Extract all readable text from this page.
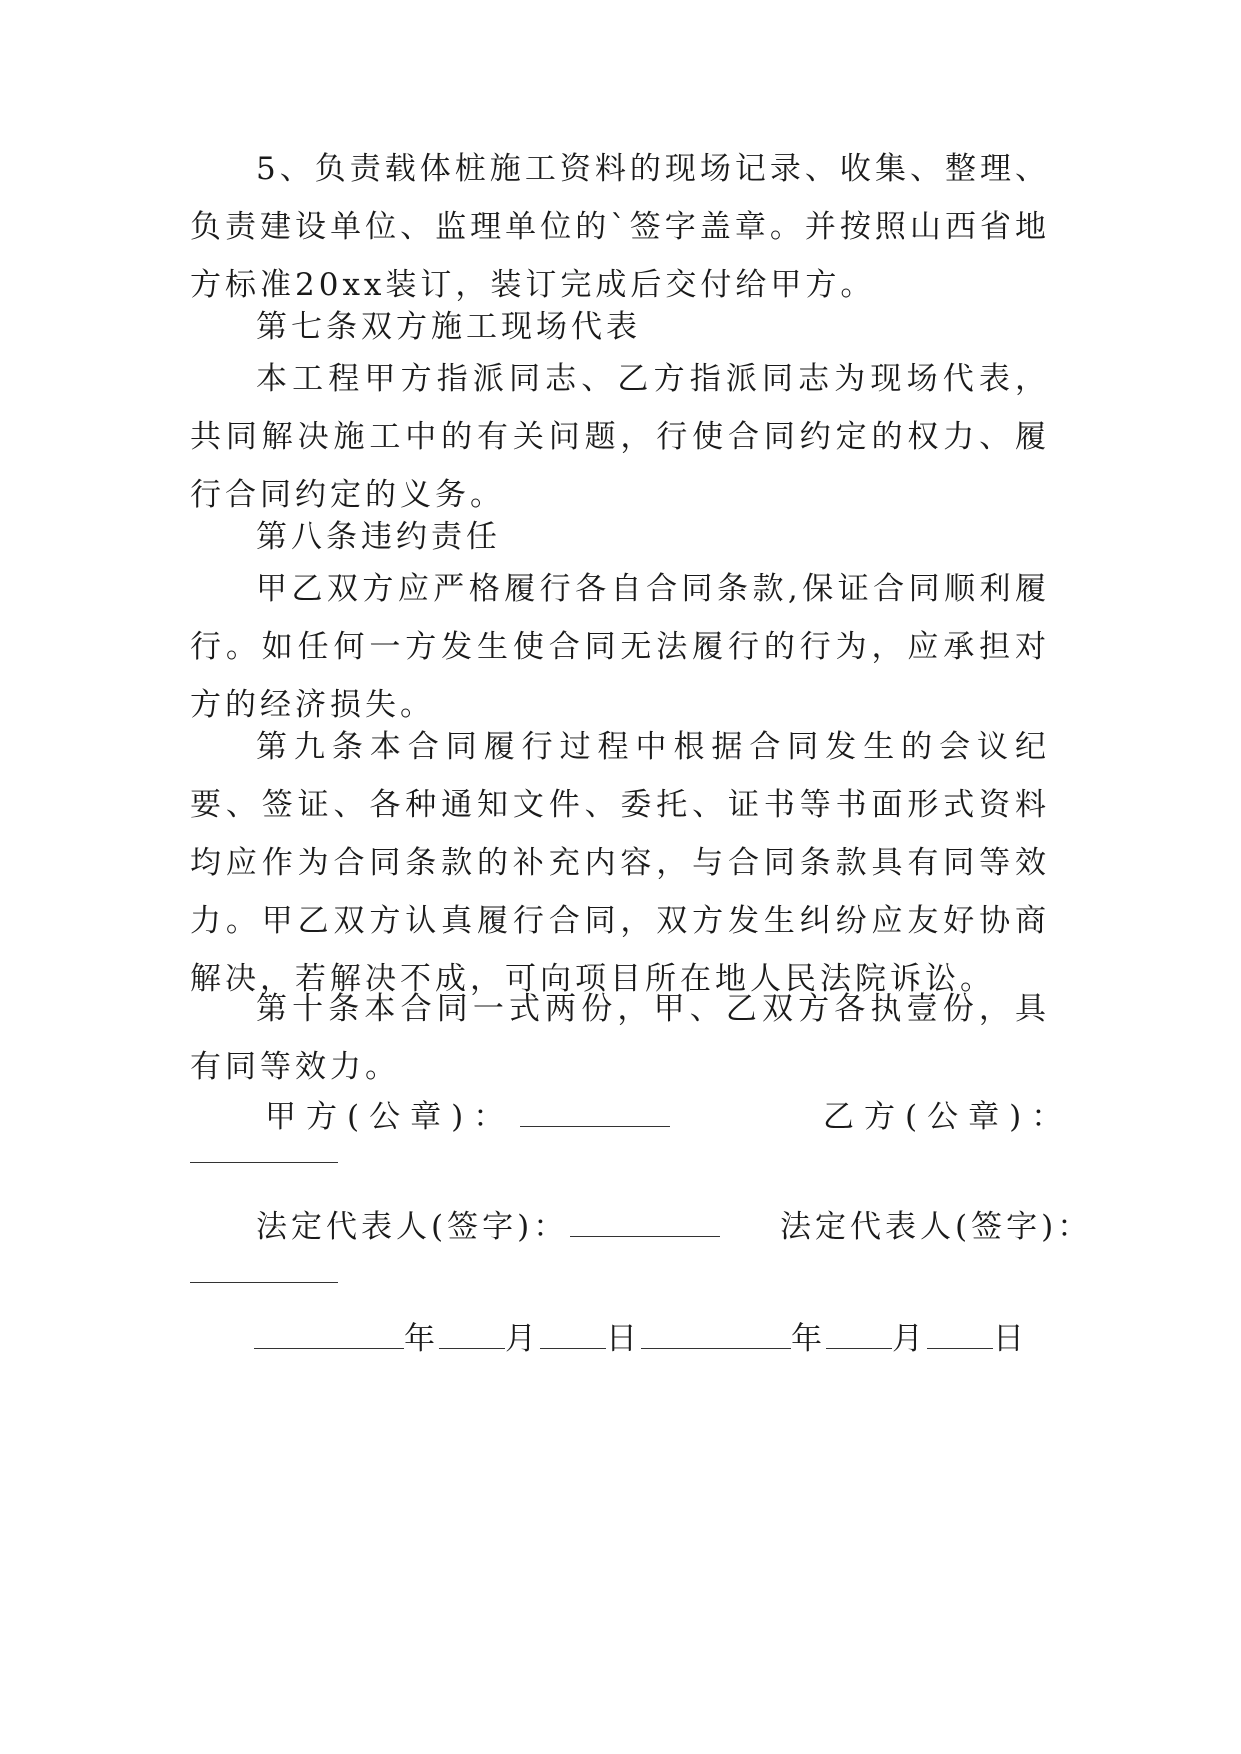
5、负责载体桩施工资料的现场记录、收集、整理、负责建设单位、监理单位的`签字盖章。并按照山西省地方标准20xx装订，装订完成后交付给甲方。

第七条双方施工现场代表

本工程甲方指派同志、乙方指派同志为现场代表，共同解决施工中的有关问题，行使合同约定的权力、履行合同约定的义务。

第八条违约责任

甲乙双方应严格履行各自合同条款,保证合同顺利履行。如任何一方发生使合同无法履行的行为，应承担对方的经济损失。

第九条本合同履行过程中根据合同发生的会议纪要、签证、各种通知文件、委托、证书等书面形式资料均应作为合同条款的补充内容，与合同条款具有同等效力。甲乙双方认真履行合同，双方发生纠纷应友好协商解决，若解决不成，可向项目所在地人民法院诉讼。

第十条本合同一式两份，甲、乙双方各执壹份，具有同等效力。

甲方(公章)：	乙方(公章)：
法定代表人(签字)：	法定代表人(签字)：
年 月 日	年 月 日
